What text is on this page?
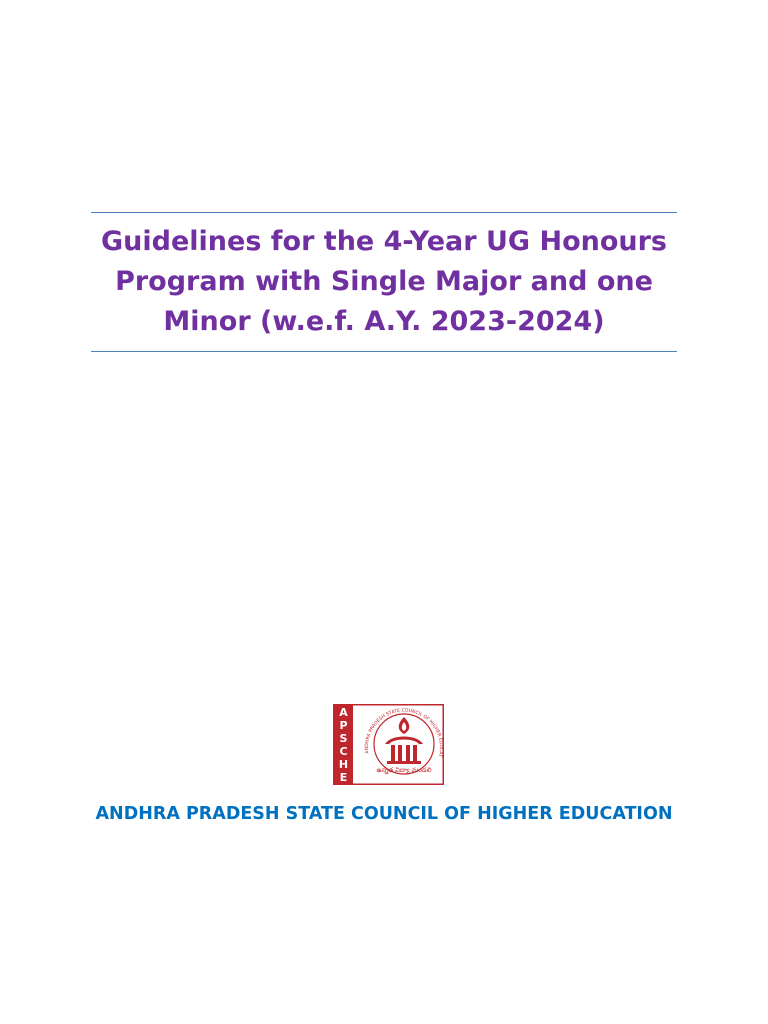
Guidelines for the 4-Year UG Honours
Program with Single Major and one
Minor (w.e.f. A.Y. 2023-2024)
A
P
S
C
H
E
ANDHRA PRADESH STATE COUNCIL OF HIGHER EDUCAT
ఉన్నత విద్యా మండలి
ANDHRA PRADESH STATE COUNCIL OF HIGHER EDUCATION
